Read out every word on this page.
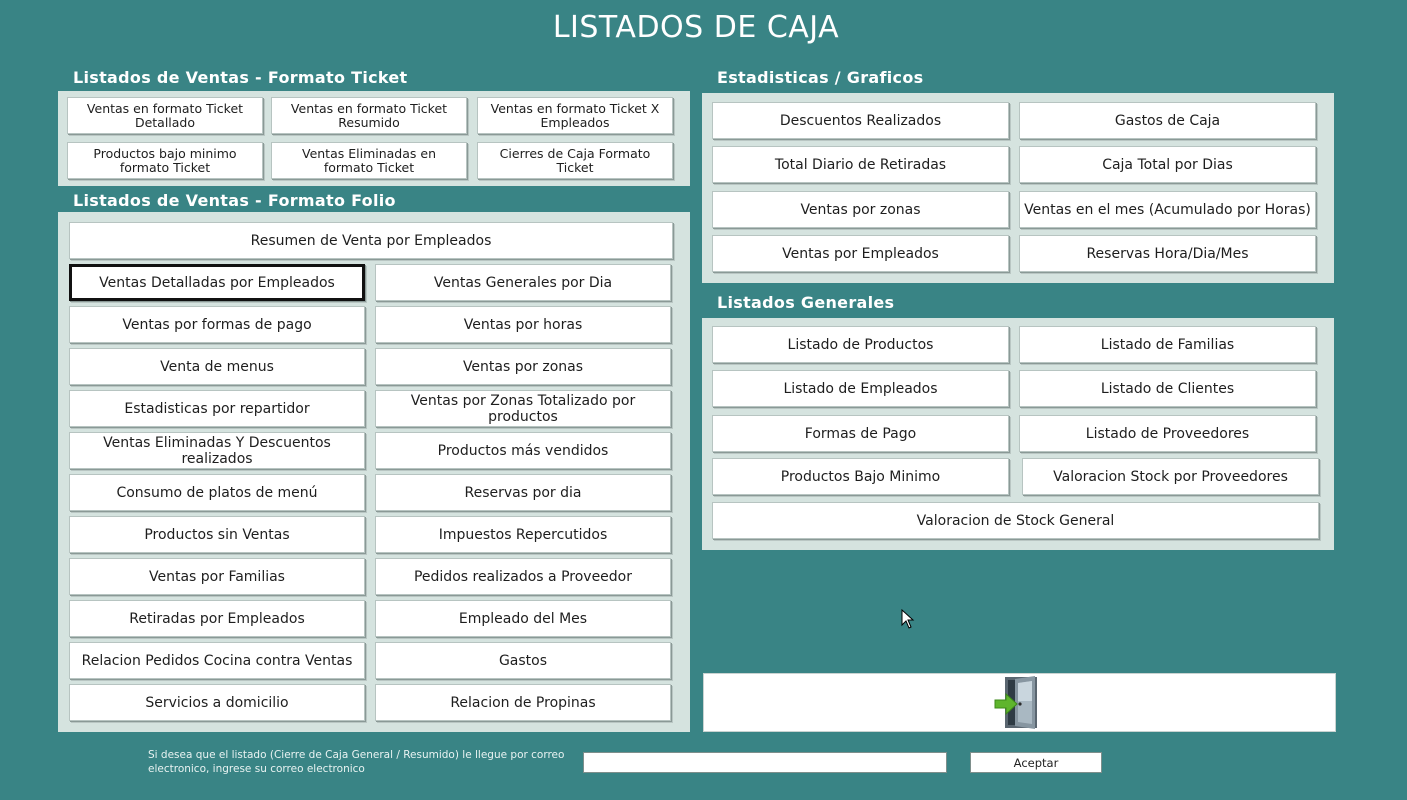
LISTADOS DE CAJA
Listados de Ventas - Formato Ticket
Ventas en formato Ticket Detallado
Ventas en formato Ticket Resumido
Ventas en formato Ticket X Empleados
Productos bajo minimo formato Ticket
Ventas Eliminadas en formato Ticket
Cierres de Caja Formato Ticket
Listados de Ventas - Formato Folio
Resumen de Venta por Empleados
Ventas Detalladas por Empleados
Ventas por formas de pago
Venta de menus
Estadisticas por repartidor
Ventas Eliminadas Y Descuentos realizados
Consumo de platos de menú
Productos sin Ventas
Ventas por Familias
Retiradas por Empleados
Relacion Pedidos Cocina contra Ventas
Servicios a domicilio
Ventas Generales por Dia
Ventas por horas
Ventas por zonas
Ventas por Zonas Totalizado por productos
Productos más vendidos
Reservas por dia
Impuestos Repercutidos
Pedidos realizados a Proveedor
Empleado del Mes
Gastos
Relacion de Propinas
Estadisticas / Graficos
Descuentos Realizados	Gastos de Caja
Total Diario de Retiradas	Caja Total por Dias
Ventas por zonas	Ventas en el mes (Acumulado por Horas)
Ventas por Empleados	Reservas Hora/Dia/Mes
Listados Generales
Listado de Productos	Listado de Familias
Listado de Empleados	Listado de Clientes
Formas de Pago	Listado de Proveedores
Productos Bajo Minimo	Valoracion Stock por Proveedores
Valoracion de Stock General
Si desea que el listado (Cierre de Caja General / Resumido) le llegue por correo electronico, ingrese su correo electronico	Aceptar
